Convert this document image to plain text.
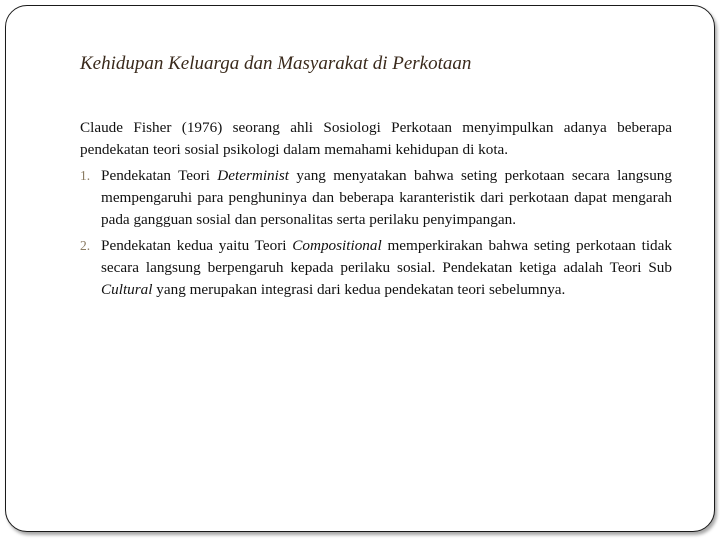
Kehidupan Keluarga dan Masyarakat di Perkotaan

Claude Fisher (1976) seorang ahli Sosiologi Perkotaan menyimpulkan adanya beberapa pendekatan teori sosial psikologi dalam memahami kehidupan di kota.

1. Pendekatan Teori Determinist yang menyatakan bahwa seting perkotaan secara langsung mempengaruhi para penghuninya dan beberapa karanteristik dari perkotaan dapat mengarah pada gangguan sosial dan personalitas serta perilaku penyimpangan.
2. Pendekatan kedua yaitu Teori Compositional memperkirakan bahwa seting perkotaan tidak secara langsung berpengaruh kepada perilaku sosial. Pendekatan ketiga adalah Teori Sub Cultural yang merupakan integrasi dari kedua pendekatan teori sebelumnya.
